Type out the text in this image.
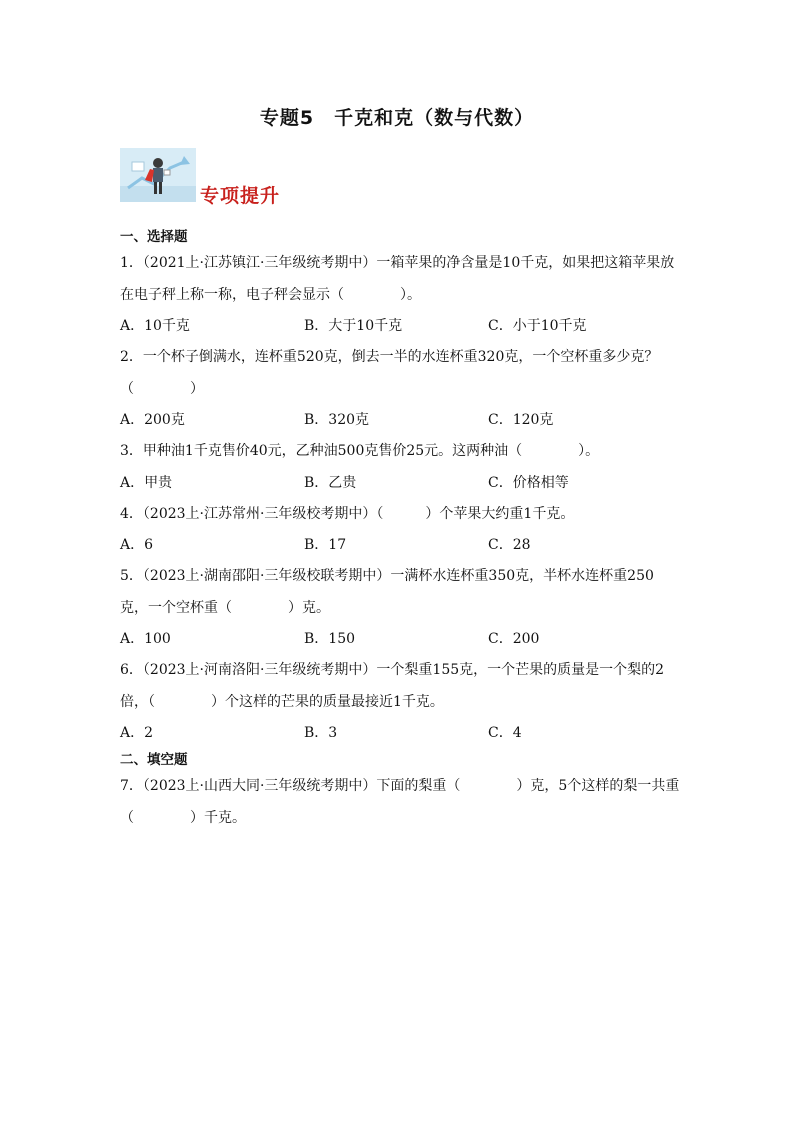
专题5　千克和克（数与代数）
专项提升
一、选择题
1．（2021上·江苏镇江·三年级统考期中）一箱苹果的净含量是10千克，如果把这箱苹果放在电子秤上称一称，电子秤会显示（　　　　）。
A．10千克	B．大于10千克	C．小于10千克
2．一个杯子倒满水，连杯重520克，倒去一半的水连杯重320克，一个空杯重多少克？（　　　　）
A．200克	B．320克	C．120克
3．甲种油1千克售价40元，乙种油500克售价25元。这两种油（　　　　）。
A．甲贵	B．乙贵	C．价格相等
4．（2023上·江苏常州·三年级校考期中）（　　　）个苹果大约重1千克。
A．6	B．17	C．28
5．（2023上·湖南邵阳·三年级校联考期中）一满杯水连杯重350克，半杯水连杯重250克，一个空杯重（　　　　）克。
A．100	B．150	C．200
6．（2023上·河南洛阳·三年级统考期中）一个梨重155克，一个芒果的质量是一个梨的2倍，（　　　　）个这样的芒果的质量最接近1千克。
A．2	B．3	C．4
二、填空题
7．（2023上·山西大同·三年级统考期中）下面的梨重（　　　　）克，5个这样的梨一共重（　　　　）千克。
